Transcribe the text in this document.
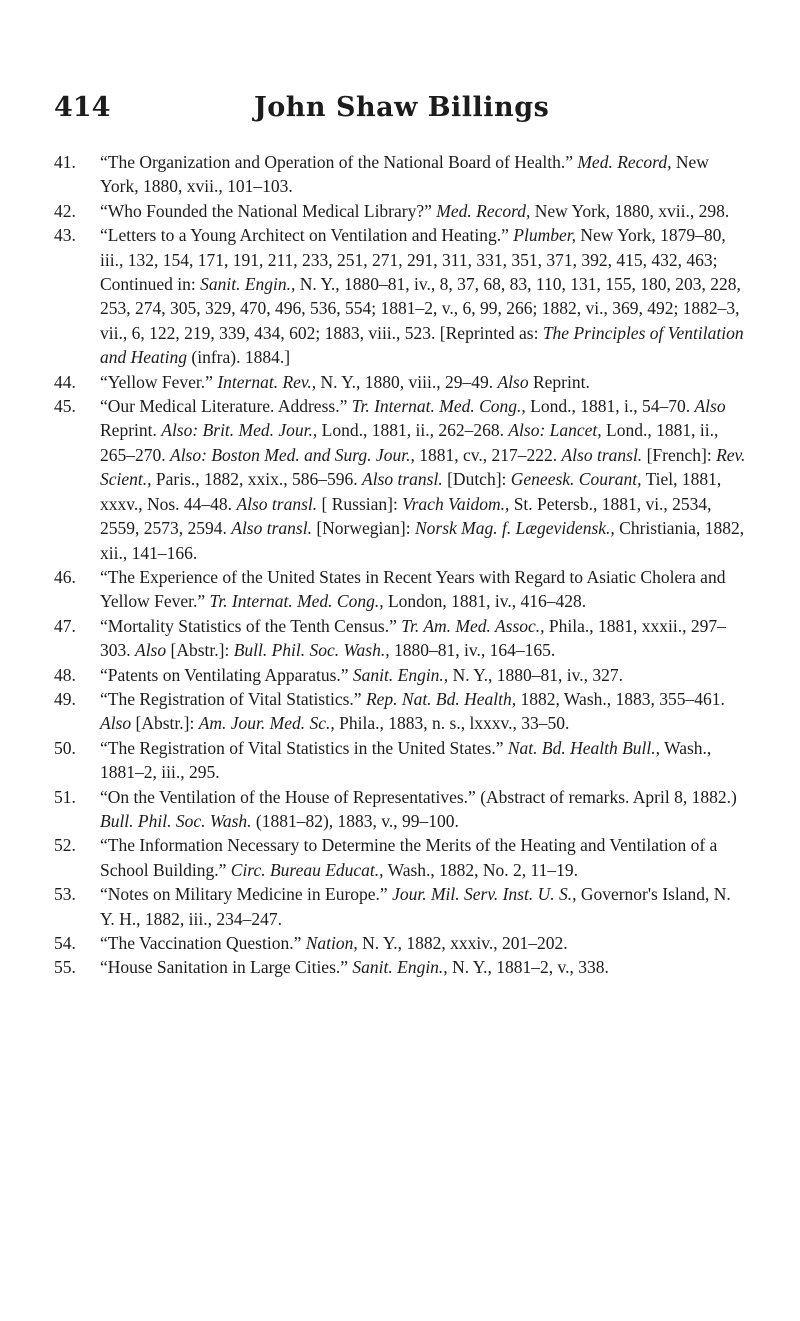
414	John Shaw Billings
41. “The Organization and Operation of the National Board of Health.” Med. Record, New York, 1880, xvii., 101–103.
42. “Who Founded the National Medical Library?” Med. Record, New York, 1880, xvii., 298.
43. “Letters to a Young Architect on Ventilation and Heating.” Plumber, New York, 1879–80, iii., 132, 154, 171, 191, 211, 233, 251, 271, 291, 311, 331, 351, 371, 392, 415, 432, 463; Continued in: Sanit. Engin., N. Y., 1880–81, iv., 8, 37, 68, 83, 110, 131, 155, 180, 203, 228, 253, 274, 305, 329, 470, 496, 536, 554; 1881–2, v., 6, 99, 266; 1882, vi., 369, 492; 1882–3, vii., 6, 122, 219, 339, 434, 602; 1883, viii., 523. [Reprinted as: The Principles of Ventilation and Heating (infra). 1884.]
44. “Yellow Fever.” Internat. Rev., N. Y., 1880, viii., 29–49. Also Reprint.
45. “Our Medical Literature. Address.” Tr. Internat. Med. Cong., Lond., 1881, i., 54–70. Also Reprint. Also: Brit. Med. Jour., Lond., 1881, ii., 262–268. Also: Lancet, Lond., 1881, ii., 265–270. Also: Boston Med. and Surg. Jour., 1881, cv., 217–222. Also transl. [French]: Rev. Scient., Paris., 1882, xxix., 586–596. Also transl. [Dutch]: Geneesk. Courant, Tiel, 1881, xxxv., Nos. 44–48. Also transl. [ Russian]: Vrach Vaidom., St. Petersb., 1881, vi., 2534, 2559, 2573, 2594. Also transl. [Norwegian]: Norsk Mag. f. Lægevidensk., Christiania, 1882, xii., 141–166.
46. “The Experience of the United States in Recent Years with Regard to Asiatic Cholera and Yellow Fever.” Tr. Internat. Med. Cong., London, 1881, iv., 416–428.
47. “Mortality Statistics of the Tenth Census.” Tr. Am. Med. Assoc., Phila., 1881, xxxii., 297–303. Also [Abstr.]: Bull. Phil. Soc. Wash., 1880–81, iv., 164–165.
48. “Patents on Ventilating Apparatus.” Sanit. Engin., N. Y., 1880–81, iv., 327.
49. “The Registration of Vital Statistics.” Rep. Nat. Bd. Health, 1882, Wash., 1883, 355–461. Also [Abstr.]: Am. Jour. Med. Sc., Phila., 1883, n. s., lxxxv., 33–50.
50. “The Registration of Vital Statistics in the United States.” Nat. Bd. Health Bull., Wash., 1881–2, iii., 295.
51. “On the Ventilation of the House of Representatives.” (Abstract of remarks. April 8, 1882.) Bull. Phil. Soc. Wash. (1881–82), 1883, v., 99–100.
52. “The Information Necessary to Determine the Merits of the Heating and Ventilation of a School Building.” Circ. Bureau Educat., Wash., 1882, No. 2, 11–19.
53. “Notes on Military Medicine in Europe.” Jour. Mil. Serv. Inst. U. S., Governor's Island, N. Y. H., 1882, iii., 234–247.
54. “The Vaccination Question.” Nation, N. Y., 1882, xxxiv., 201–202.
55. “House Sanitation in Large Cities.” Sanit. Engin., N. Y., 1881–2, v., 338.
